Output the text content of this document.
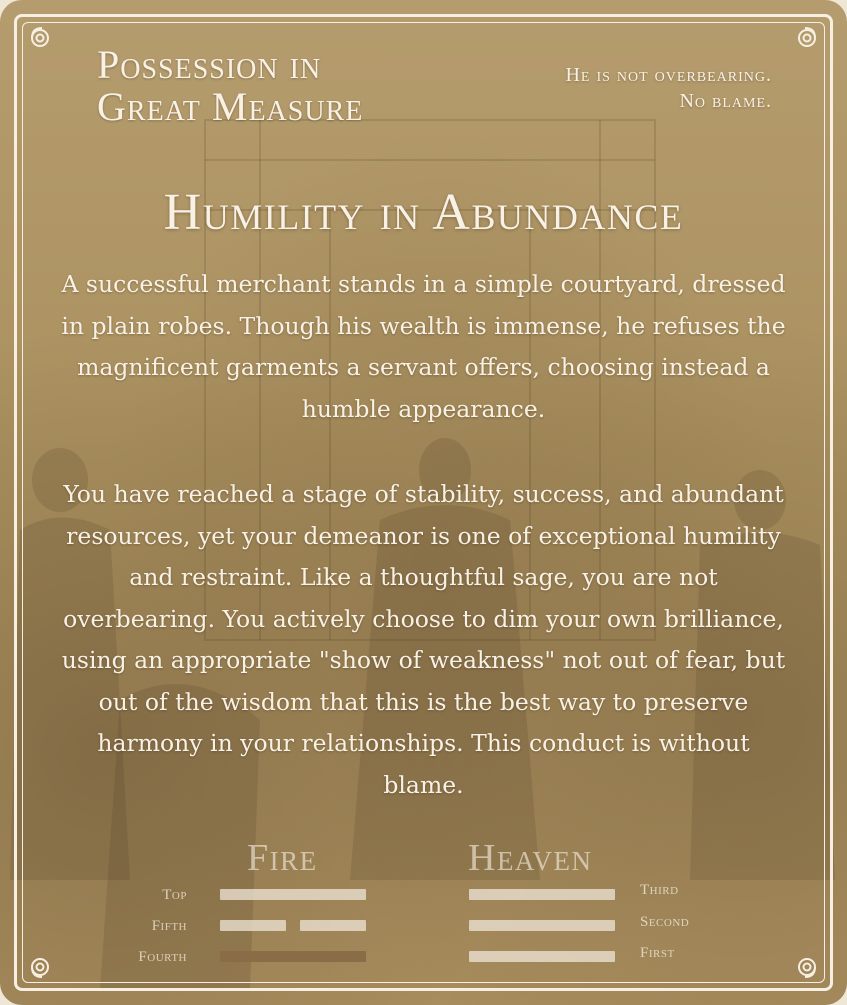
Possession in
Great Measure
He is not overbearing.
No blame.
Humility in Abundance
A successful merchant stands in a simple courtyard, dressed in plain robes. Though his wealth is immense, he refuses the magnificent garments a servant offers, choosing instead a humble appearance.
You have reached a stage of stability, success, and abundant resources, yet your demeanor is one of exceptional humility and restraint. Like a thoughtful sage, you are not overbearing. You actively choose to dim your own brilliance, using an appropriate "show of weakness" not out of fear, but out of the wisdom that this is the best way to preserve harmony in your relationships. This conduct is without blame.
Fire	Heaven
Top
Fifth
Fourth
Third
Second
First
